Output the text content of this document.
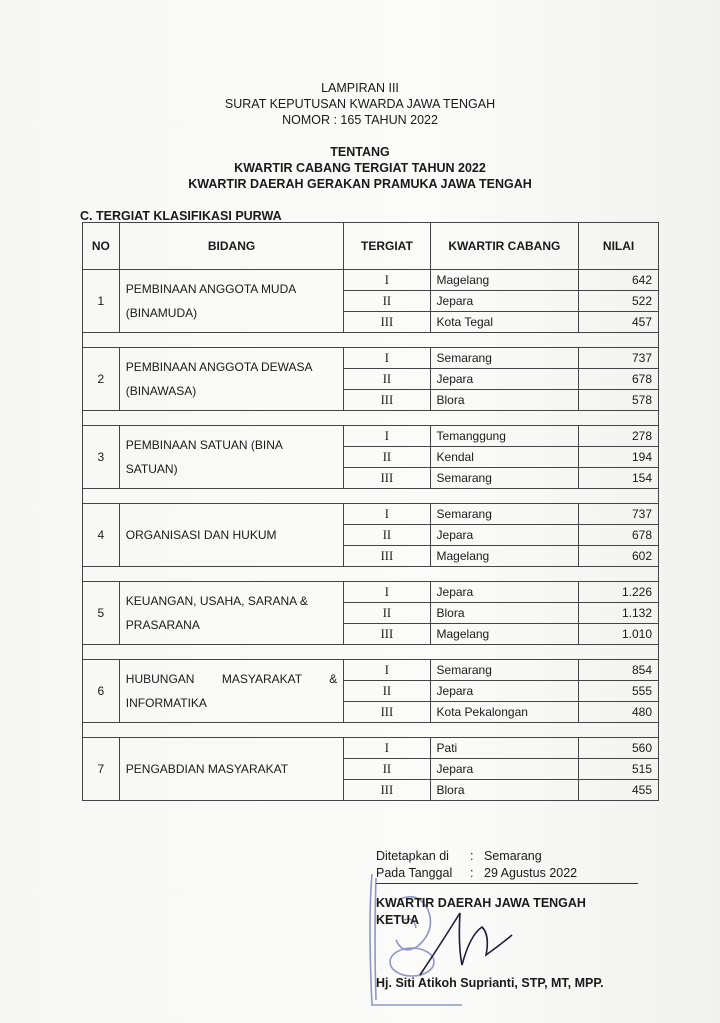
LAMPIRAN III
SURAT KEPUTUSAN KWARDA JAWA TENGAH
NOMOR : 165 TAHUN 2022
TENTANG
KWARTIR CABANG TERGIAT TAHUN 2022
KWARTIR DAERAH GERAKAN PRAMUKA JAWA TENGAH
C. TERGIAT KLASIFIKASI PURWA
NO	BIDANG	TERGIAT	KWARTIR CABANG	NILAI
1	PEMBINAAN ANGGOTA MUDA (BINAMUDA)	I	Magelang	642
		II	Jepara	522
		III	Kota Tegal	457

2	PEMBINAAN ANGGOTA DEWASA (BINAWASA)	I	Semarang	737
		II	Jepara	678
		III	Blora	578

3	PEMBINAAN SATUAN (BINA SATUAN)	I	Temanggung	278
		II	Kendal	194
		III	Semarang	154

4	ORGANISASI DAN HUKUM	I	Semarang	737
		II	Jepara	678
		III	Magelang	602

5	KEUANGAN, USAHA, SARANA & PRASARANA	I	Jepara	1.226
		II	Blora	1.132
		III	Magelang	1.010

6	HUBUNGAN MASYARAKAT & INFORMATIKA	I	Semarang	854
		II	Jepara	555
		III	Kota Pekalongan	480

7	PENGABDIAN MASYARAKAT	I	Pati	560
		II	Jepara	515
		III	Blora	455
Ditetapkan di : Semarang
Pada Tanggal : 29 Agustus 2022
KWARTIR DAERAH JAWA TENGAH
KETUA
Hj. Siti Atikoh Suprianti, STP, MT, MPP.
